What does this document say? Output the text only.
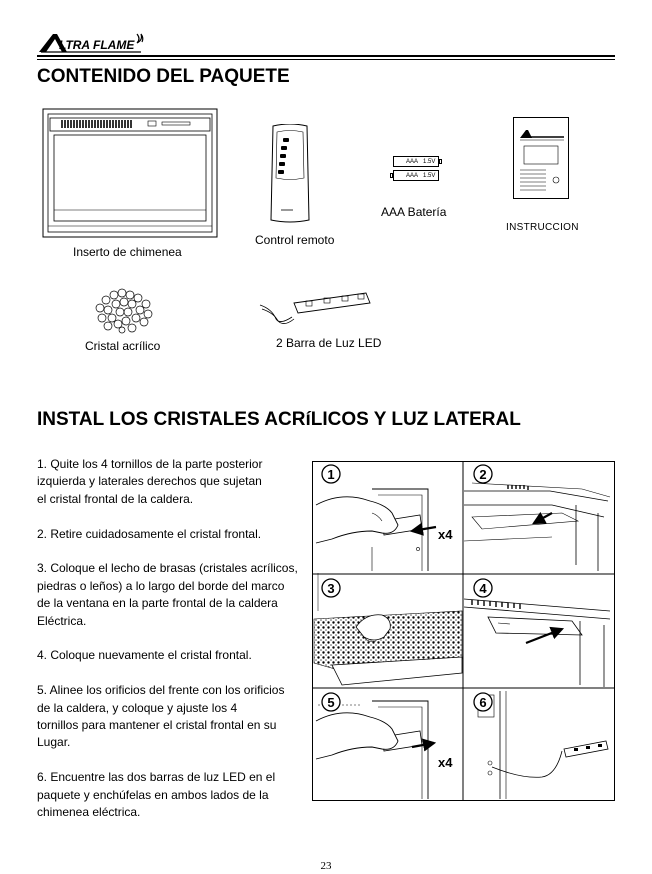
LTRA FLAME
CONTENIDO DEL PAQUETE
Inserto de chimenea
Control remoto
AAA 1.5V
AAA 1.5V
AAA Batería
INSTRUCCION
Cristal acrílico	2 Barra de Luz LED
INSTAL LOS CRISTALES ACRíLICOS Y LUZ LATERAL

1. Quite los 4 tornillos de la parte posterior
izquierda y laterales derechos que sujetan
el cristal frontal de la caldera.

2. Retire cuidadosamente el cristal frontal.

3. Coloque el lecho de brasas (cristales acrílicos,
piedras o leños) a lo largo del borde del marco
de la ventana en la parte frontal de la caldera
Eléctrica.

4. Coloque nuevamente el cristal frontal.

5. Alinee los orificios del frente con los orificios
de la caldera, y coloque y ajuste los 4
tornillos para mantener el cristal frontal en su
Lugar.

6. Encuentre las dos barras de luz LED en el
paquete y enchúfelas en ambos lados de la
chimenea eléctrica.

1	2
3	4
5	6
x4
x4
23
